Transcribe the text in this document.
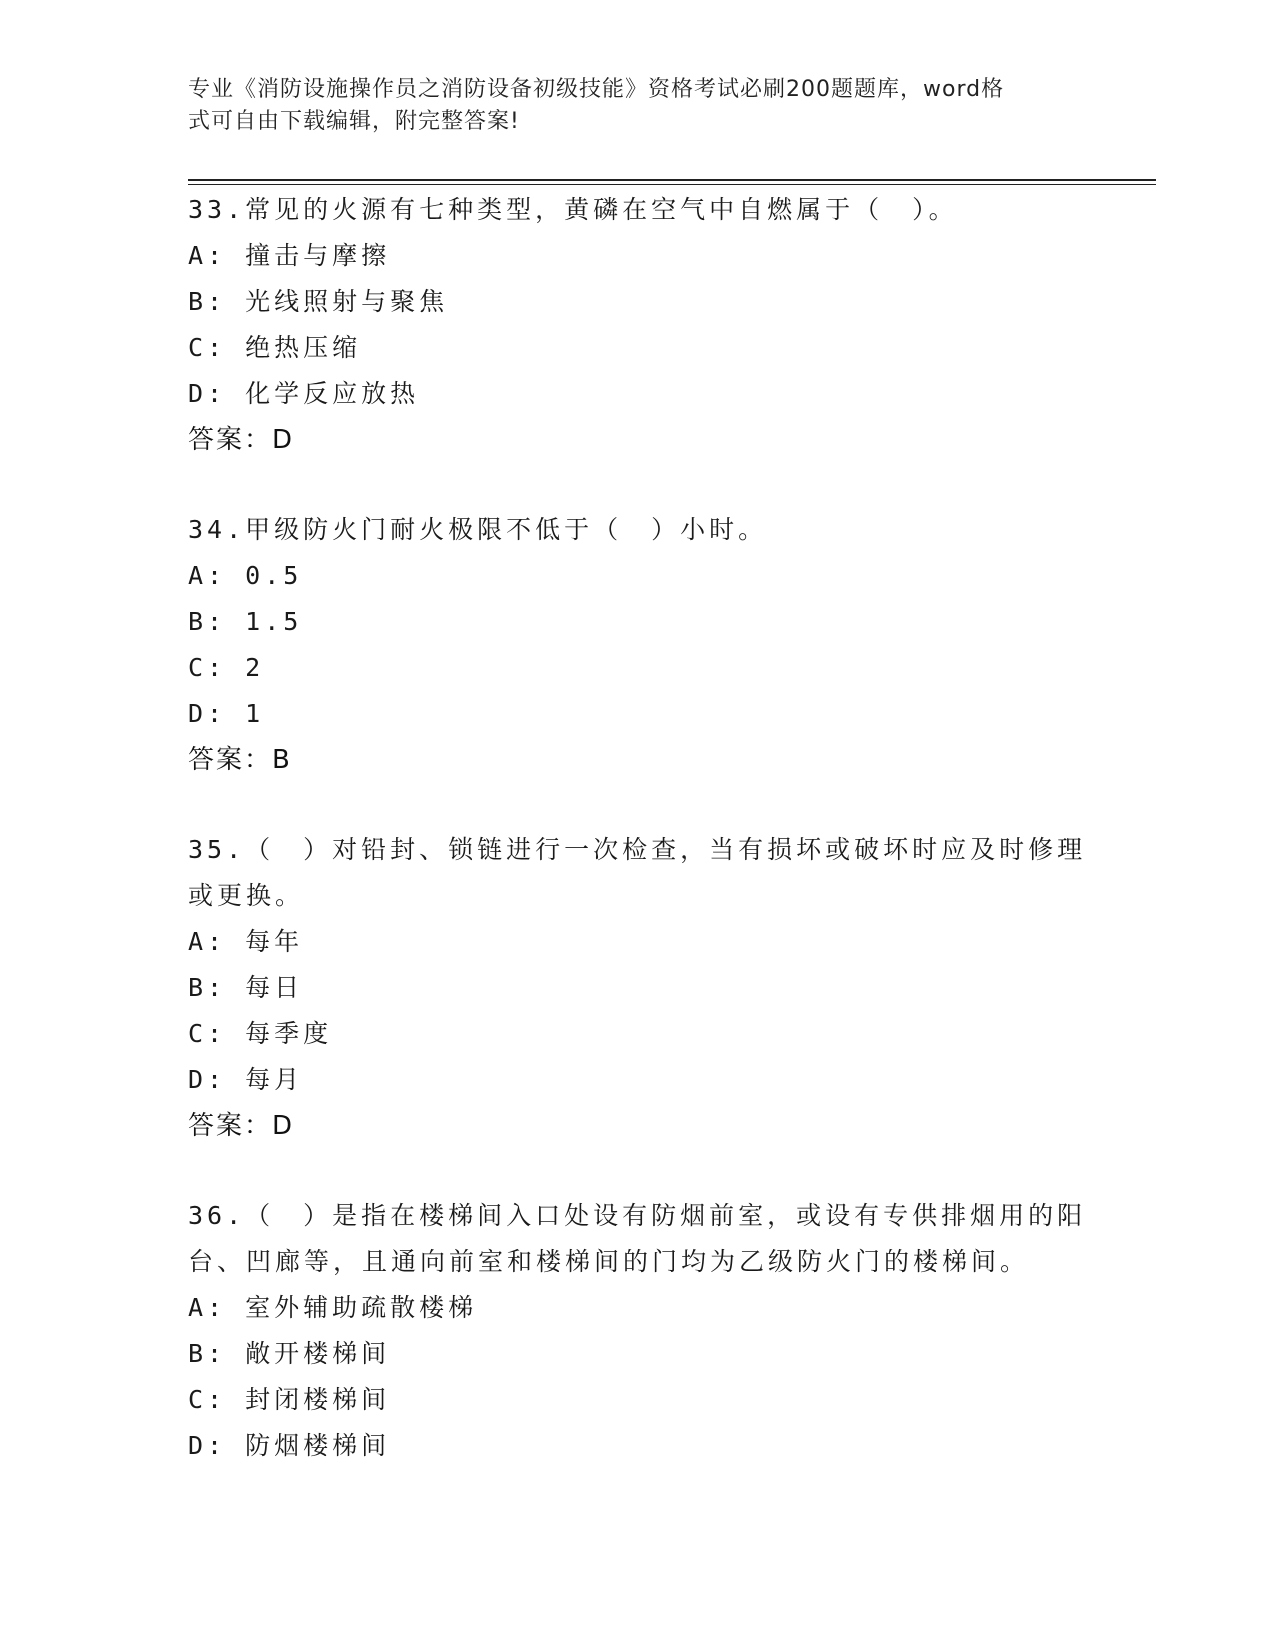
专业《消防设施操作员之消防设备初级技能》资格考试必刷200题题库，word格
式可自由下载编辑，附完整答案!
33.常见的火源有七种类型，黄磷在空气中自燃属于（　）。
A: 撞击与摩擦
B: 光线照射与聚焦
C: 绝热压缩
D: 化学反应放热
答案：D
34.甲级防火门耐火极限不低于（　）小时。
A: 0.5
B: 1.5
C: 2
D: 1
答案：B
35.（　）对铅封、锁链进行一次检查，当有损坏或破坏时应及时修理
或更换。
A: 每年
B: 每日
C: 每季度
D: 每月
答案：D
36.（　）是指在楼梯间入口处设有防烟前室，或设有专供排烟用的阳
台、凹廊等，且通向前室和楼梯间的门均为乙级防火门的楼梯间。
A: 室外辅助疏散楼梯
B: 敞开楼梯间
C: 封闭楼梯间
D: 防烟楼梯间
